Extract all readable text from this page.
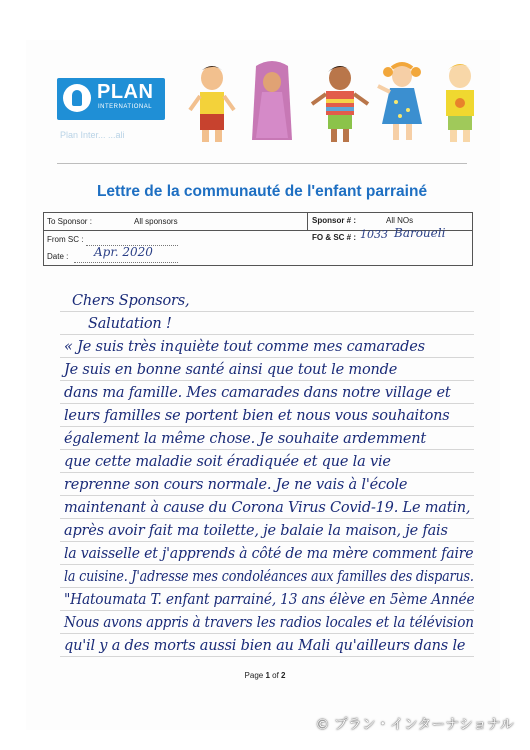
PLAN
INTERNATIONAL
Plan Inter... ...ali
Lettre de la communauté de l'enfant parrainé
To Sponsor :	All sponsors
From SC :
Date : Apr. 2020
Sponsor # :	All NOs
FO & SC # : 1033 Baroueli
Chers Sponsors,
Salutation !
« Je suis très inquiète tout comme mes camarades
Je suis en bonne santé ainsi que tout le monde
dans ma famille. Mes camarades dans notre village et
leurs familles se portent bien et nous vous souhaitons
également la même chose. Je souhaite ardemment
que cette maladie soit éradiquée et que la vie
reprenne son cours normale. Je ne vais à l'école
maintenant à cause du Corona Virus Covid-19. Le matin,
après avoir fait ma toilette, je balaie la maison, je fais
la vaisselle et j'apprends à côté de ma mère comment faire
la cuisine. J'adresse mes condoléances aux familles des disparus.
"Hatoumata T. enfant parrainé, 13 ans élève en 5ème Année
Nous avons appris à travers les radios locales et la télévision
qu'il y a des morts aussi bien au Mali qu'ailleurs dans le
Page 1 of 2
© プラン・インターナショナル
